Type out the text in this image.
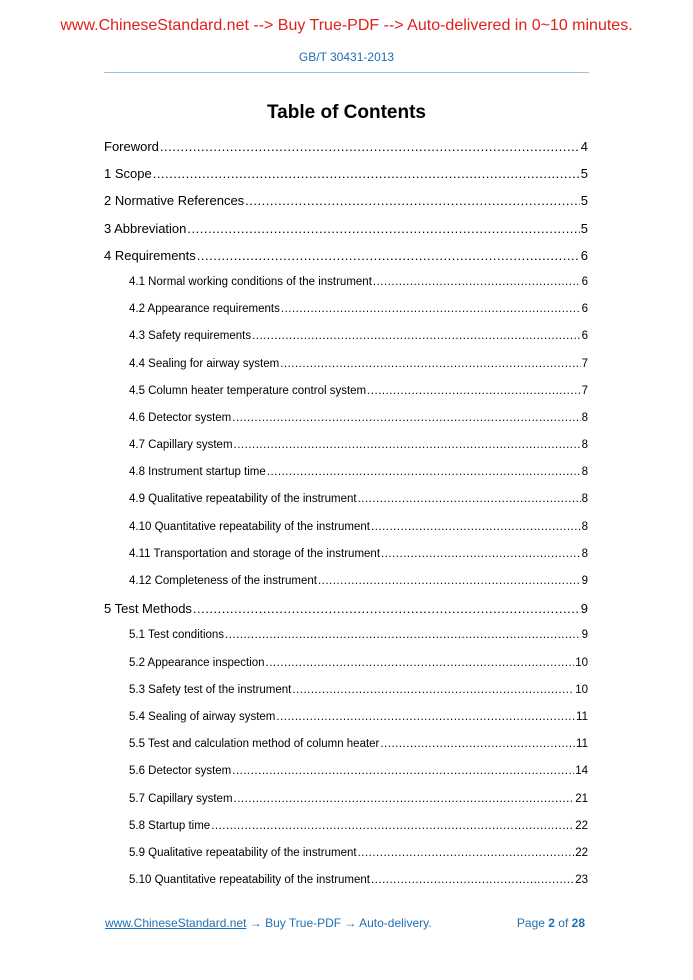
www.ChineseStandard.net --> Buy True-PDF --> Auto-delivered in 0~10 minutes.
GB/T 30431-2013
Table of Contents
Foreword .....	4
1 Scope .....	5
2 Normative References .....	5
3 Abbreviation .....	5
4 Requirements .....	6
4.1 Normal working conditions of the instrument .....	6
4.2 Appearance requirements .....	6
4.3 Safety requirements .....	6
4.4 Sealing for airway system .....	7
4.5 Column heater temperature control system .....	7
4.6 Detector system .....	8
4.7 Capillary system .....	8
4.8 Instrument startup time .....	8
4.9 Qualitative repeatability of the instrument .....	8
4.10 Quantitative repeatability of the instrument .....	8
4.11 Transportation and storage of the instrument .....	8
4.12 Completeness of the instrument .....	9
5 Test Methods .....	9
5.1 Test conditions .....	9
5.2 Appearance inspection .....	10
5.3 Safety test of the instrument .....	10
5.4 Sealing of airway system .....	11
5.5 Test and calculation method of column heater .....	11
5.6 Detector system .....	14
5.7 Capillary system .....	21
5.8 Startup time .....	22
5.9 Qualitative repeatability of the instrument .....	22
5.10 Quantitative repeatability of the instrument .....	23
www.ChineseStandard.net → Buy True-PDF → Auto-delivery.	Page 2 of 28
